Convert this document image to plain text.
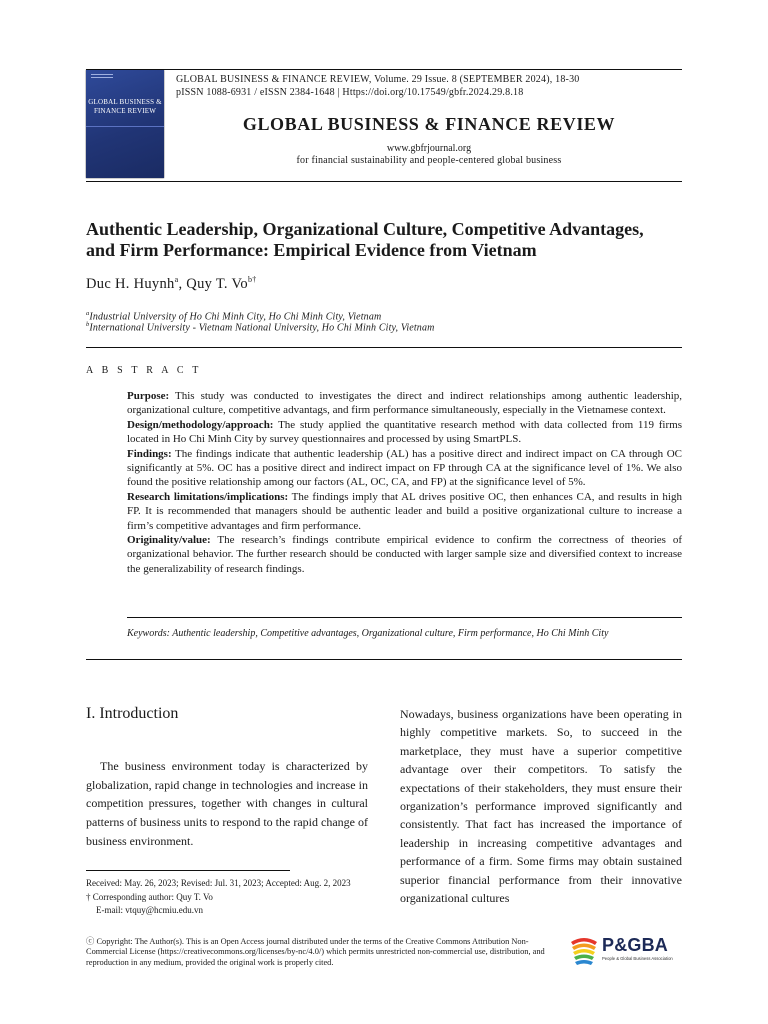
GLOBAL BUSINESS & FINANCE REVIEW
GLOBAL BUSINESS & FINANCE REVIEW, Volume. 29 Issue. 8 (SEPTEMBER 2024), 18-30
pISSN 1088-6931 / eISSN 2384-1648 | Https://doi.org/10.17549/gbfr.2024.29.8.18
GLOBAL BUSINESS & FINANCE REVIEW
www.gbfrjournal.org
for financial sustainability and people-centered global business
Authentic Leadership, Organizational Culture, Competitive Advantages,
and Firm Performance: Empirical Evidence from Vietnam
Duc H. Huynh$^a$, Quy T. $Vo^{b\dagger}$
$^a$Industrial University of Ho Chi Minh City, Ho Chi Minh City, Vietnam
$^b$International University - Vietnam National University, Ho Chi Minh City, Vietnam
A B S T R A C T

Purpose: This study was conducted to investigates the direct and indirect relationships among authentic leadership, organizational culture, competitive advantags, and firm performance simultaneously, especially in the Vietnamese context.

Design/methodology/approach: The study applied the quantitative research method with data collected from 119 firms located in Ho Chi Minh City by survey questionnaires and processed by using SmartPLS.

Findings: The findings indicate that authentic leadership (AL) has a positive direct and indirect impact on CA through OC significantly at 5%. OC has a positive direct and indirect impact on FP through CA at the significance level of 1%. We also found the positive relationship among our factors (AL, OC, CA, and FP) at the significance level of 5%.

Research limitations/implications: The findings imply that AL drives positive OC, then enhances CA, and results in high FP. It is recommended that managers should be authentic leader and build a positive organizational culture to increase a firm’s competitive advantages and firm performance.

Originality/value: The research’s findings contribute empirical evidence to confirm the correctness of theories of organizational behavior. The further research should be conducted with larger sample size and diversified context to increase the generalizability of research findings.

Keywords: Authentic leadership, Competitive advantages, Organizational culture, Firm performance, Ho Chi Minh City
I. Introduction
The business environment today is characterized by globalization, rapid change in technologies and increase in competition pressures, together with changes in cultural patterns of business units to respond to the rapid change of business environment.
Nowadays, business organizations have been operating in highly competitive markets. So, to succeed in the marketplace, they must have a superior competitive advantage over their competitors. To satisfy the expectations of their stakeholders, they must ensure their organization’s performance improved significantly and consistently. That fact has increased the importance of leadership in increasing competitive advantages and performance of a firm. Some firms may obtain sustained superior financial performance from their innovative organizational cultures
Received: May. 26, 2023; Revised: Jul. 31, 2023; Accepted: Aug. 2, 2023
† Corresponding author: Quy T. Vo
E-mail: vtquy@hcmiu.edu.vn
ⓒ Copyright: The Author(s). This is an Open Access journal distributed under the terms of the Creative Commons Attribution Non-Commercial License (https://creativecommons.org/licenses/by-nc/4.0/) which permits unrestricted non-commercial use, distribution, and reproduction in any medium, provided the original work is properly cited.
P&GBA
People & Global Business Association
